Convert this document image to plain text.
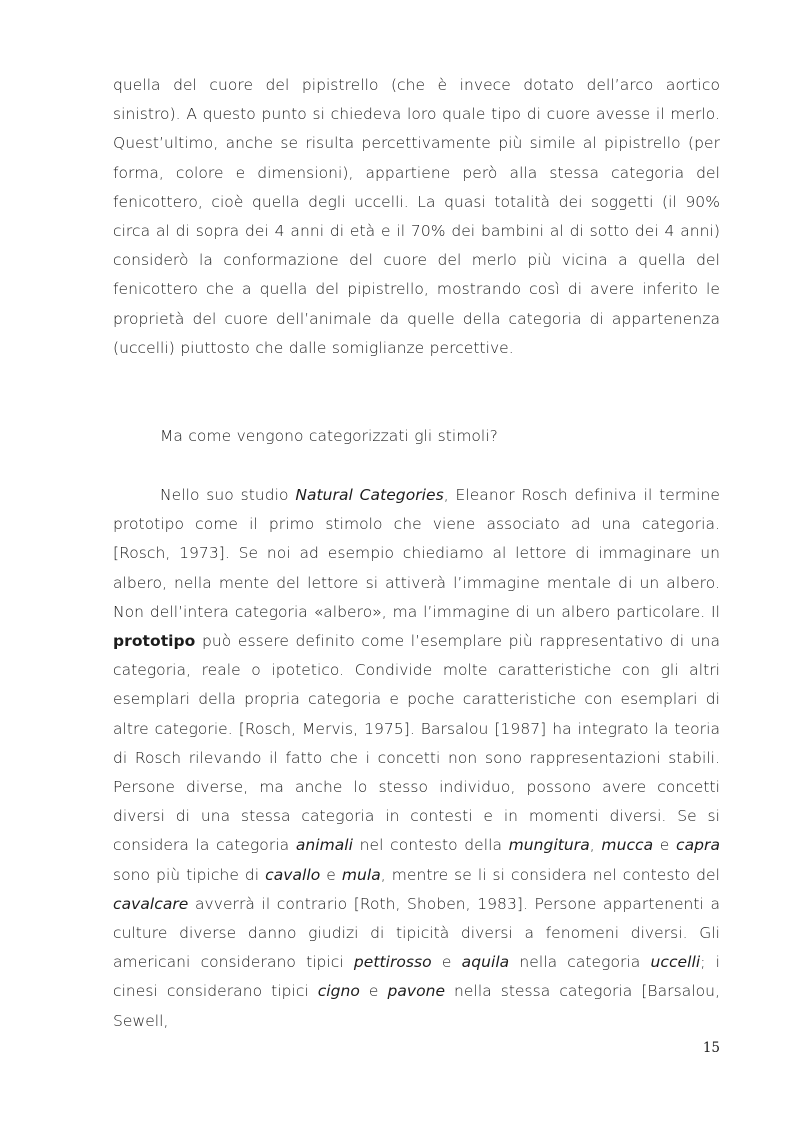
quella del cuore del pipistrello (che è invece dotato dell’arco aortico sinistro). A questo punto si chiedeva loro quale tipo di cuore avesse il merlo. Quest’ultimo, anche se risulta percettivamente più simile al pipistrello (per forma, colore e dimensioni), appartiene però alla stessa categoria del fenicottero, cioè quella degli uccelli. La quasi totalità dei soggetti (il 90% circa al di sopra dei 4 anni di età e il 70% dei bambini al di sotto dei 4 anni) considerò la conformazione del cuore del merlo più vicina a quella del fenicottero che a quella del pipistrello, mostrando così di avere inferito le proprietà del cuore dell’animale da quelle della categoria di appartenenza (uccelli) piuttosto che dalle somiglianze percettive.

Ma come vengono categorizzati gli stimoli?

Nello suo studio Natural Categories, Eleanor Rosch definiva il termine prototipo come il primo stimolo che viene associato ad una categoria. [Rosch, 1973]. Se noi ad esempio chiediamo al lettore di immaginare un albero, nella mente del lettore si attiverà l’immagine mentale di un albero. Non dell’intera categoria «albero», ma l’immagine di un albero particolare. Il prototipo può essere definito come l’esemplare più rappresentativo di una categoria, reale o ipotetico. Condivide molte caratteristiche con gli altri esemplari della propria categoria e poche caratteristiche con esemplari di altre categorie. [Rosch, Mervis, 1975]. Barsalou [1987] ha integrato la teoria di Rosch rilevando il fatto che i concetti non sono rappresentazioni stabili. Persone diverse, ma anche lo stesso individuo, possono avere concetti diversi di una stessa categoria in contesti e in momenti diversi. Se si considera la categoria animali nel contesto della mungitura, mucca e capra sono più tipiche di cavallo e mula, mentre se li si considera nel contesto del cavalcare avverrà il contrario [Roth, Shoben, 1983]. Persone appartenenti a culture diverse danno giudizi di tipicità diversi a fenomeni diversi. Gli americani considerano tipici pettirosso e aquila nella categoria uccelli; i cinesi considerano tipici cigno e pavone nella stessa categoria [Barsalou, Sewell,

15
